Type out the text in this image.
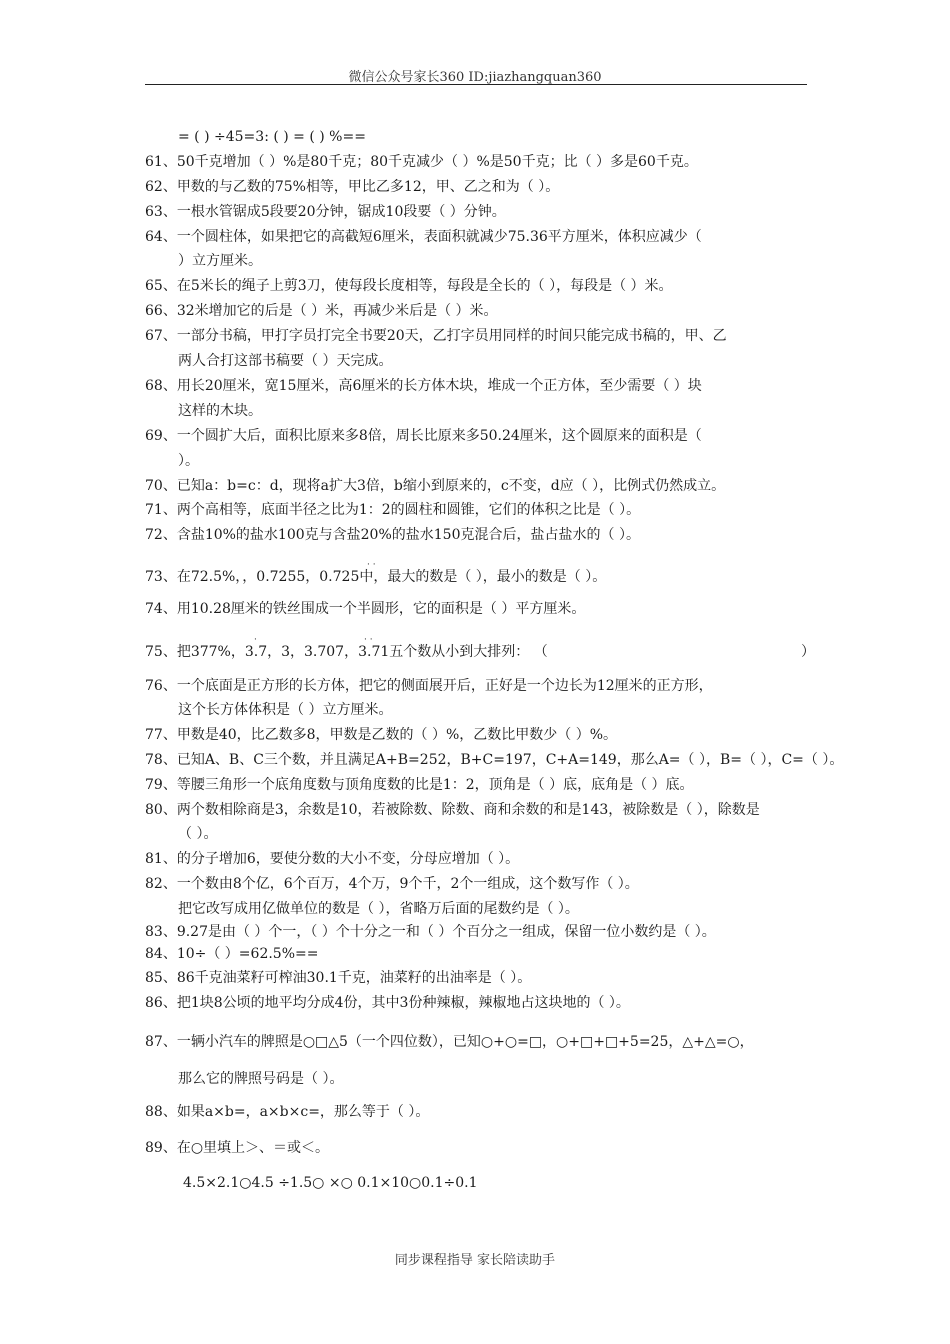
微信公众号家长360 ID:jiazhangquan360
= ( ) ÷45=3: ( ) = ( ) %==
61、50千克增加（ ）%是80千克；80千克减少（ ）%是50千克；比（ ）多是60千克。
62、甲数的与乙数的75%相等，甲比乙多12，甲、乙之和为（ ）。
63、一根水管锯成5段要20分钟，锯成10段要（ ）分钟。
64、一个圆柱体，如果把它的高截短6厘米，表面积就减少75.36平方厘米，体积应减少（
）立方厘米。
65、在5米长的绳子上剪3刀，使每段长度相等，每段是全长的（ ），每段是（ ）米。
66、32米增加它的后是（ ）米，再减少米后是（ ）米。
67、一部分书稿，甲打字员打完全书要20天，乙打字员用同样的时间只能完成书稿的，甲、乙
两人合打这部书稿要（ ）天完成。
68、用长20厘米，宽15厘米，高6厘米的长方体木块，堆成一个正方体，至少需要（ ）块
这样的木块。
69、一个圆扩大后，面积比原来多8倍，周长比原来多50.24厘米，这个圆原来的面积是（
）。
70、已知a：b=c：d，现将a扩大3倍，b缩小到原来的，c不变，d应（ ），比例式仍然成立。
71、两个高相等，底面半径之比为1：2的圆柱和圆锥，它们的体积之比是（ ）。
72、含盐10%的盐水100克与含盐20%的盐水150克混合后，盐占盐水的（ ）。
· ·
73、在72.5%，，0.7255，0.725中，最大的数是（ ），最小的数是（ ）。
74、用10.28厘米的铁丝围成一个半圆形，它的面积是（ ）平方厘米。
·	· ·
75、把377%，3.7，3，3.707，3.71五个数从小到大排列： （	）
76、一个底面是正方形的长方体，把它的侧面展开后，正好是一个边长为12厘米的正方形，
这个长方体体积是（ ）立方厘米。
77、甲数是40，比乙数多8，甲数是乙数的（ ）%，乙数比甲数少（ ）%。
78、已知A、B、C三个数，并且满足A+B=252，B+C=197，C+A=149，那么A=（ ），B=（ ），C=（ ）。
79、等腰三角形一个底角度数与顶角度数的比是1：2，顶角是（ ）底，底角是（ ）底。
80、两个数相除商是3，余数是10，若被除数、除数、商和余数的和是143，被除数是（ ），除数是
（ ）。
81、的分子增加6，要使分数的大小不变，分母应增加（ ）。
82、一个数由8个亿，6个百万，4个万，9个千，2个一组成，这个数写作（ ）。
把它改写成用亿做单位的数是（ ），省略万后面的尾数约是（ ）。
83、9.27是由（ ）个一，（ ）个十分之一和（ ）个百分之一组成，保留一位小数约是（ ）。
84、10÷（ ）=62.5%==
85、86千克油菜籽可榨油30.1千克，油菜籽的出油率是（ ）。
86、把1块8公顷的地平均分成4份，其中3份种辣椒，辣椒地占这块地的（ ）。
87、一辆小汽车的牌照是○□△5（一个四位数），已知○+○=□，○+□+□+5=25，△+△=○，
那么它的牌照号码是（ ）。
88、如果a×b=，a×b×c=，那么等于（ ）。
89、在○里填上＞、＝或＜。
4.5×2.1○4.5 ÷1.5○ ×○ 0.1×10○0.1÷0.1
同步课程指导 家长陪读助手
